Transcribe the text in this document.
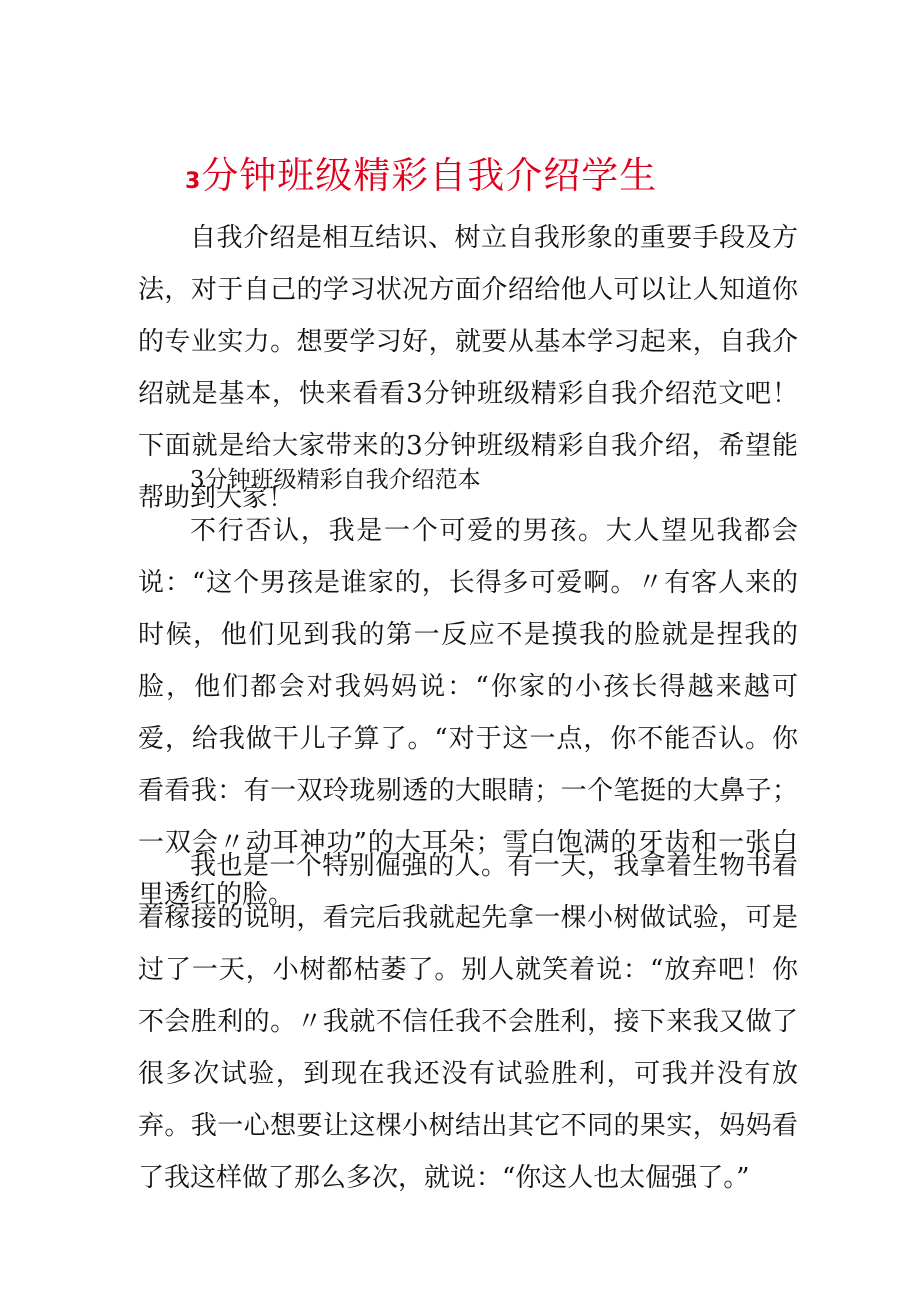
3分钟班级精彩自我介绍学生

自我介绍是相互结识、树立自我形象的重要手段及方法，对于自己的学习状况方面介绍给他人可以让人知道你的专业实力。想要学习好，就要从基本学习起来，自我介绍就是基本，快来看看3分钟班级精彩自我介绍范文吧！下面就是给大家带来的3分钟班级精彩自我介绍，希望能帮助到大家！

3分钟班级精彩自我介绍范本

不行否认，我是一个可爱的男孩。大人望见我都会说：“这个男孩是谁家的，长得多可爱啊。〃有客人来的时候，他们见到我的第一反应不是摸我的脸就是捏我的脸，他们都会对我妈妈说：“你家的小孩长得越来越可爱，给我做干儿子算了。“对于这一点，你不能否认。你看看我：有一双玲珑剔透的大眼睛；一个笔挺的大鼻子；一双会〃动耳神功”的大耳朵；雪白饱满的牙齿和一张白里透红的脸。

我也是一个特别倔强的人。有一天，我拿着生物书看着稼接的说明，看完后我就起先拿一棵小树做试验，可是过了一天，小树都枯萎了。别人就笑着说：“放弃吧！你不会胜利的。〃我就不信任我不会胜利，接下来我又做了很多次试验，到现在我还没有试验胜利，可我并没有放弃。我一心想要让这棵小树结出其它不同的果实，妈妈看了我这样做了那么多次，就说：“你这人也太倔强了。”
